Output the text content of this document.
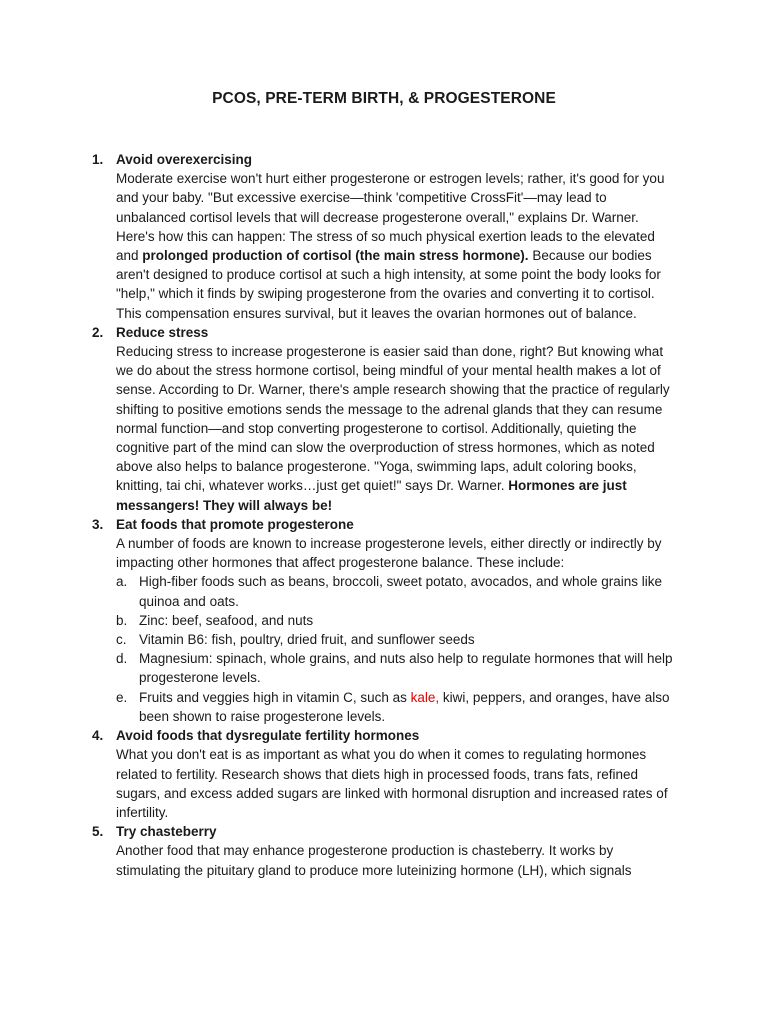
PCOS, PRE-TERM BIRTH, & PROGESTERONE
1. Avoid overexercising

Moderate exercise won't hurt either progesterone or estrogen levels; rather, it's good for you and your baby. "But excessive exercise—think 'competitive CrossFit'—may lead to unbalanced cortisol levels that will decrease progesterone overall," explains Dr. Warner. Here's how this can happen: The stress of so much physical exertion leads to the elevated and prolonged production of cortisol (the main stress hormone). Because our bodies aren't designed to produce cortisol at such a high intensity, at some point the body looks for "help," which it finds by swiping progesterone from the ovaries and converting it to cortisol. This compensation ensures survival, but it leaves the ovarian hormones out of balance.

2. Reduce stress

Reducing stress to increase progesterone is easier said than done, right? But knowing what we do about the stress hormone cortisol, being mindful of your mental health makes a lot of sense. According to Dr. Warner, there's ample research showing that the practice of regularly shifting to positive emotions sends the message to the adrenal glands that they can resume normal function—and stop converting progesterone to cortisol. Additionally, quieting the cognitive part of the mind can slow the overproduction of stress hormones, which as noted above also helps to balance progesterone. "Yoga, swimming laps, adult coloring books, knitting, tai chi, whatever works…just get quiet!" says Dr. Warner. Hormones are just messangers! They will always be!

3. Eat foods that promote progesterone

A number of foods are known to increase progesterone levels, either directly or indirectly by impacting other hormones that affect progesterone balance. These include:

a. High-fiber foods such as beans, broccoli, sweet potato, avocados, and whole grains like quinoa and oats.
b. Zinc: beef, seafood, and nuts
c. Vitamin B6: fish, poultry, dried fruit, and sunflower seeds
d. Magnesium: spinach, whole grains, and nuts also help to regulate hormones that will help progesterone levels.
e. Fruits and veggies high in vitamin C, such as kale, kiwi, peppers, and oranges, have also been shown to raise progesterone levels.
4. Avoid foods that dysregulate fertility hormones

What you don't eat is as important as what you do when it comes to regulating hormones related to fertility. Research shows that diets high in processed foods, trans fats, refined sugars, and excess added sugars are linked with hormonal disruption and increased rates of infertility.

5. Try chasteberry

Another food that may enhance progesterone production is chasteberry. It works by stimulating the pituitary gland to produce more luteinizing hormone (LH), which signals
